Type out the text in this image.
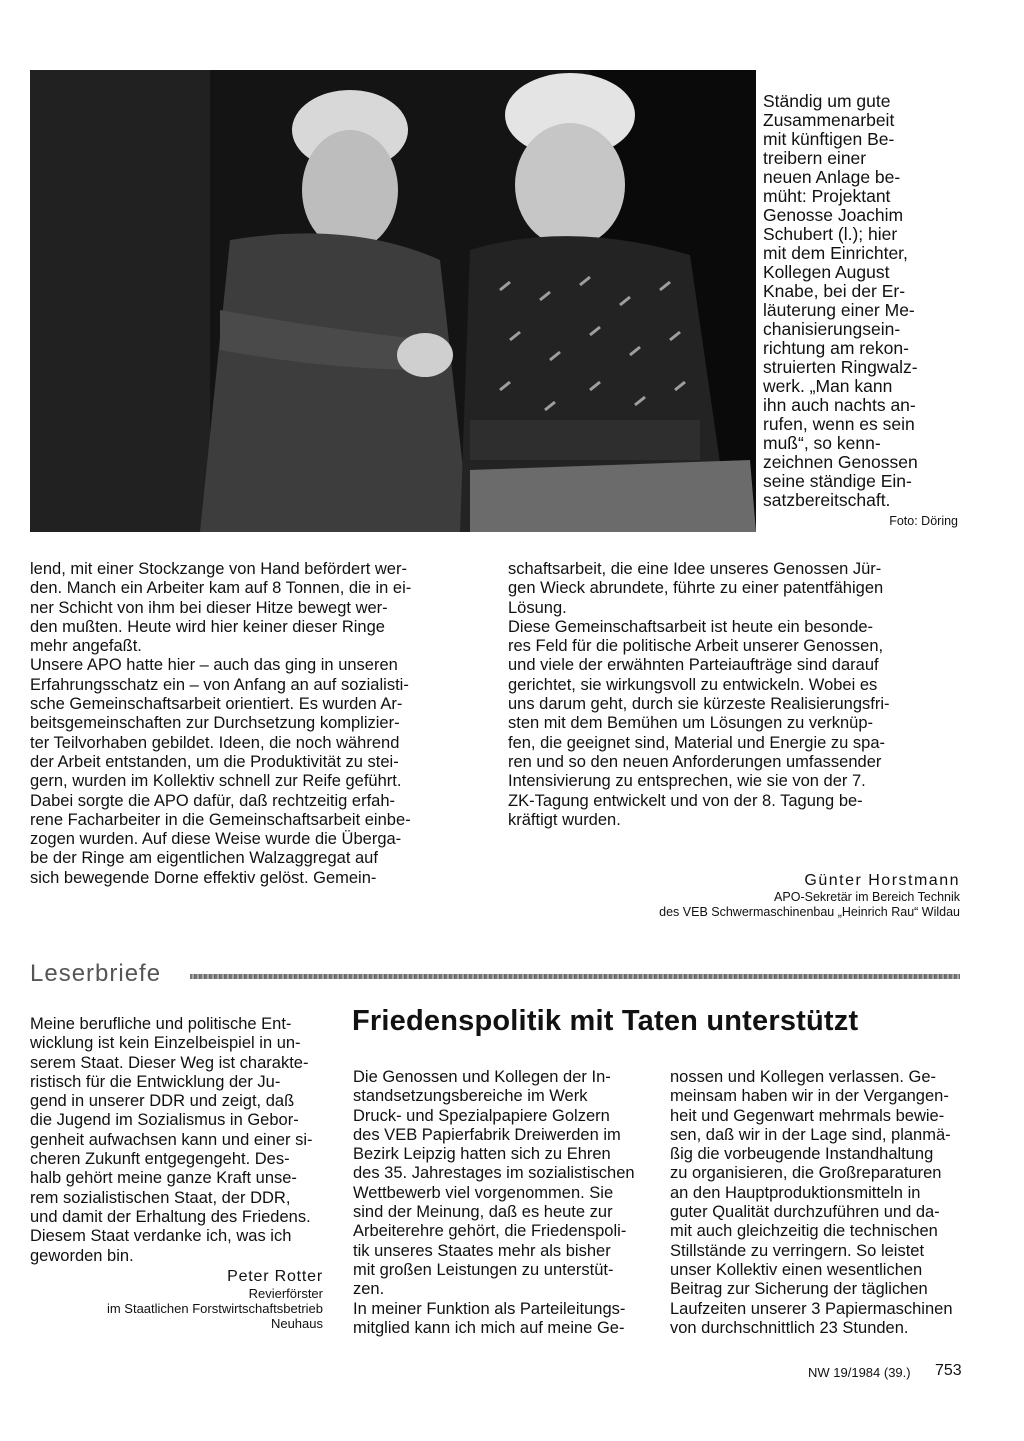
Ständig um gute
Zusammenarbeit
mit künftigen Be-
treibern einer
neuen Anlage be-
müht: Projektant
Genosse Joachim
Schubert (l.); hier
mit dem Einrichter,
Kollegen August
Knabe, bei der Er-
läuterung einer Me-
chanisierungsein-
richtung am rekon-
struierten Ringwalz-
werk. „Man kann
ihn auch nachts an-
rufen, wenn es sein
muß“, so kenn-
zeichnen Genossen
seine ständige Ein-
satzbereitschaft.
Foto: Döring

lend, mit einer Stockzange von Hand befördert wer-
den. Manch ein Arbeiter kam auf 8 Tonnen, die in ei-
ner Schicht von ihm bei dieser Hitze bewegt wer-
den mußten. Heute wird hier keiner dieser Ringe
mehr angefaßt.

Unsere APO hatte hier – auch das ging in unseren
Erfahrungsschatz ein – von Anfang an auf sozialisti-
sche Gemeinschaftsarbeit orientiert. Es wurden Ar-
beitsgemeinschaften zur Durchsetzung komplizier-
ter Teilvorhaben gebildet. Ideen, die noch während
der Arbeit entstanden, um die Produktivität zu stei-
gern, wurden im Kollektiv schnell zur Reife geführt.
Dabei sorgte die APO dafür, daß rechtzeitig erfah-
rene Facharbeiter in die Gemeinschaftsarbeit einbe-
zogen wurden. Auf diese Weise wurde die Überga-
be der Ringe am eigentlichen Walzaggregat auf
sich bewegende Dorne effektiv gelöst. Gemein-

schaftsarbeit, die eine Idee unseres Genossen Jür-
gen Wieck abrundete, führte zu einer patentfähigen
Lösung.

Diese Gemeinschaftsarbeit ist heute ein besonde-
res Feld für die politische Arbeit unserer Genossen,
und viele der erwähnten Parteiaufträge sind darauf
gerichtet, sie wirkungsvoll zu entwickeln. Wobei es
uns darum geht, durch sie kürzeste Realisierungsfri-
sten mit dem Bemühen um Lösungen zu verknüp-
fen, die geeignet sind, Material und Energie zu spa-
ren und so den neuen Anforderungen umfassender
Intensivierung zu entsprechen, wie sie von der 7.
ZK-Tagung entwickelt und von der 8. Tagung be-
kräftigt wurden.

Günter Horstmann
APO-Sekretär im Bereich Technik
des VEB Schwermaschinenbau „Heinrich Rau“ Wildau
Leserbriefe

Meine berufliche und politische Ent-
wicklung ist kein Einzelbeispiel in un-
serem Staat. Dieser Weg ist charakte-
ristisch für die Entwicklung der Ju-
gend in unserer DDR und zeigt, daß
die Jugend im Sozialismus in Gebor-
genheit aufwachsen kann und einer si-
cheren Zukunft entgegengeht. Des-
halb gehört meine ganze Kraft unse-
rem sozialistischen Staat, der DDR,
und damit der Erhaltung des Friedens.
Diesem Staat verdanke ich, was ich
geworden bin.

Peter Rotter
Revierförster
im Staatlichen Forstwirtschaftsbetrieb
Neuhaus
Friedenspolitik mit Taten unterstützt

Die Genossen und Kollegen der In-
standsetzungsbereiche im Werk
Druck- und Spezialpapiere Golzern
des VEB Papierfabrik Dreiwerden im
Bezirk Leipzig hatten sich zu Ehren
des 35. Jahrestages im sozialistischen
Wettbewerb viel vorgenommen. Sie
sind der Meinung, daß es heute zur
Arbeiterehre gehört, die Friedenspoli-
tik unseres Staates mehr als bisher
mit großen Leistungen zu unterstüt-
zen.

In meiner Funktion als Parteileitungs-
mitglied kann ich mich auf meine Ge-

nossen und Kollegen verlassen. Ge-
meinsam haben wir in der Vergangen-
heit und Gegenwart mehrmals bewie-
sen, daß wir in der Lage sind, planmä-
ßig die vorbeugende Instandhaltung
zu organisieren, die Großreparaturen
an den Hauptproduktionsmitteln in
guter Qualität durchzuführen und da-
mit auch gleichzeitig die technischen
Stillstände zu verringern. So leistet
unser Kollektiv einen wesentlichen
Beitrag zur Sicherung der täglichen
Laufzeiten unserer 3 Papiermaschinen
von durchschnittlich 23 Stunden.

NW 19/1984 (39.) 753
